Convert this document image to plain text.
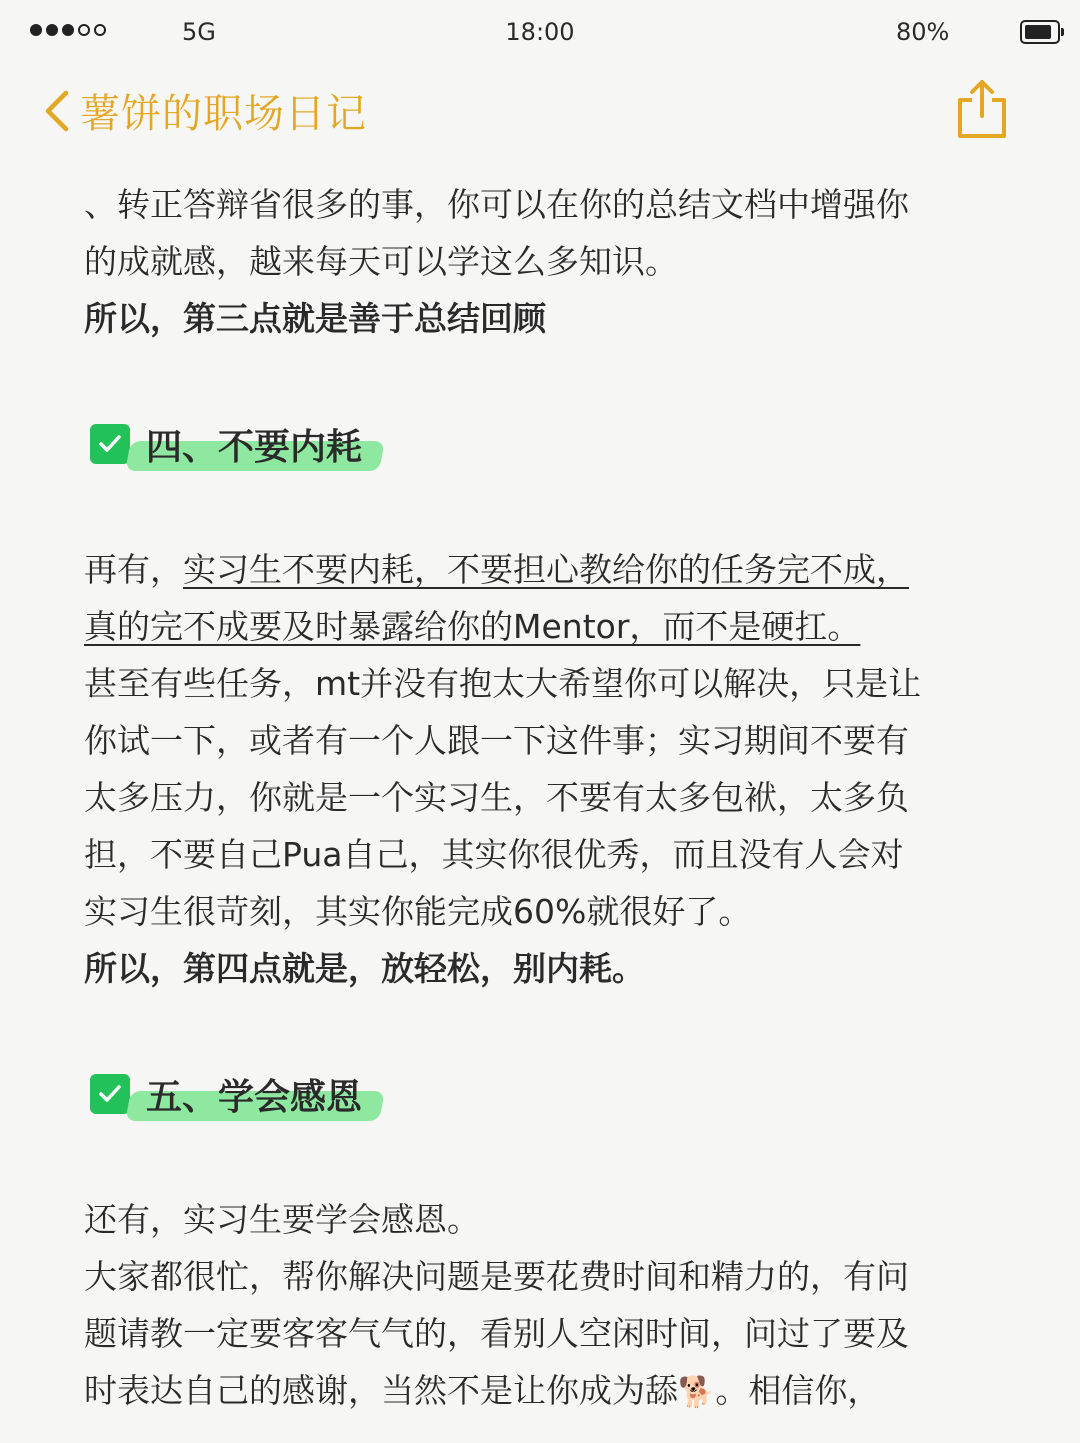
5G	18:00	80%
薯饼的职场日记

、转正答辩省很多的事，你可以在你的总结文档中增强你

的成就感，越来每天可以学这么多知识。

所以，第三点就是善于总结回顾

四、不要内耗

再有，实习生不要内耗，不要担心教给你的任务完不成，

真的完不成要及时暴露给你的Mentor，而不是硬扛。

甚至有些任务，mt并没有抱太大希望你可以解决，只是让

你试一下，或者有一个人跟一下这件事；实习期间不要有

太多压力，你就是一个实习生，不要有太多包袱，太多负

担，不要自己Pua自己，其实你很优秀，而且没有人会对

实习生很苛刻，其实你能完成60%就很好了。

所以，第四点就是，放轻松，别内耗。

五、学会感恩

还有，实习生要学会感恩。

大家都很忙，帮你解决问题是要花费时间和精力的，有问

题请教一定要客客气气的，看别人空闲时间，问过了要及

时表达自己的感谢，当然不是让你成为舔🐕。相信你，
